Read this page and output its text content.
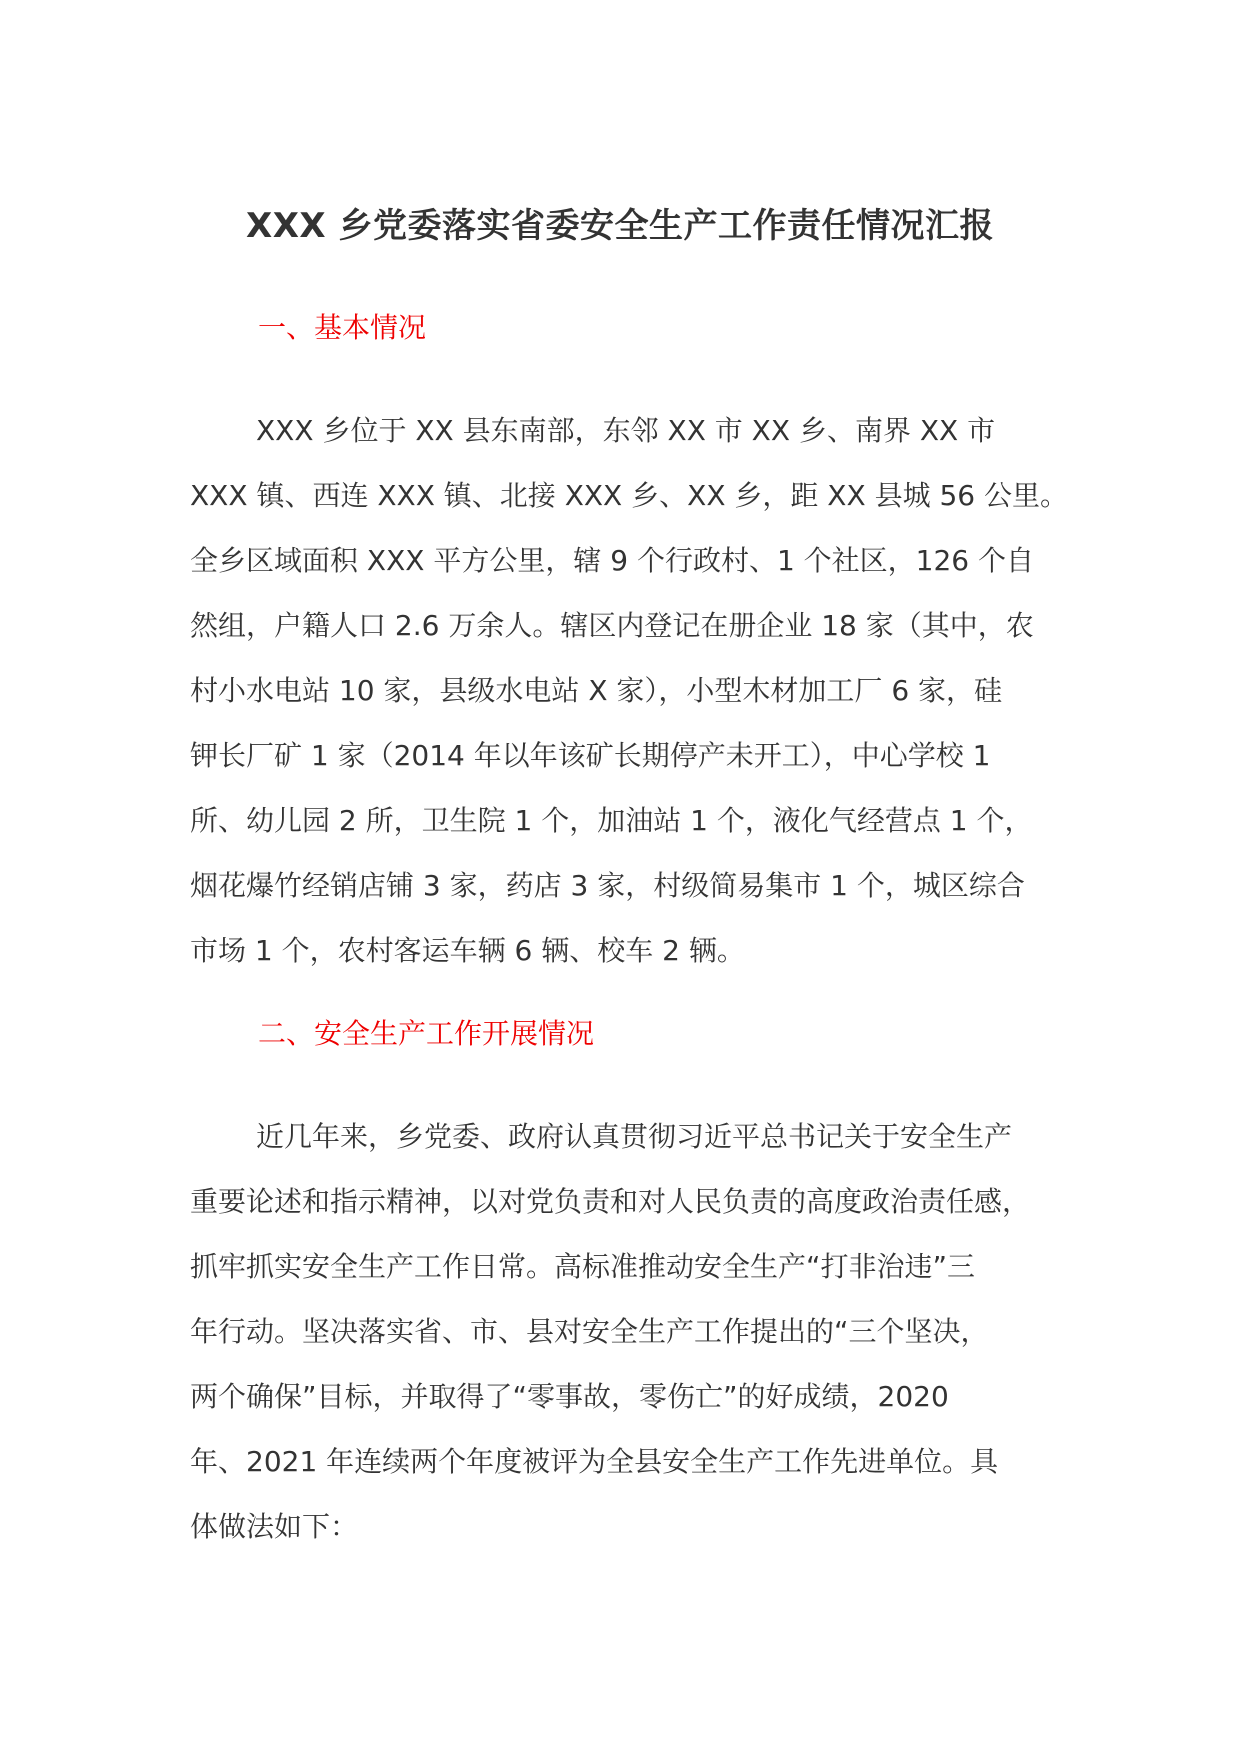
XXX 乡党委落实省委安全生产工作责任情况汇报
一、基本情况
XXX 乡位于 XX 县东南部，东邻 XX 市 XX 乡、南界 XX 市
XXX 镇、西连 XXX 镇、北接 XXX 乡、XX 乡，距 XX 县城 56 公里。
全乡区域面积 XXX 平方公里，辖 9 个行政村、1 个社区，126 个自
然组，户籍人口 2.6 万余人。辖区内登记在册企业 18 家（其中，农
村小水电站 10 家，县级水电站 X 家），小型木材加工厂 6 家，硅
钾长厂矿 1 家（2014 年以年该矿长期停产未开工），中心学校 1
所、幼儿园 2 所，卫生院 1 个，加油站 1 个，液化气经营点 1 个，
烟花爆竹经销店铺 3 家，药店 3 家，村级简易集市 1 个，城区综合
市场 1 个，农村客运车辆 6 辆、校车 2 辆。
二、安全生产工作开展情况
近几年来，乡党委、政府认真贯彻习近平总书记关于安全生产
重要论述和指示精神，以对党负责和对人民负责的高度政治责任感，
抓牢抓实安全生产工作日常。高标准推动安全生产“打非治违”三
年行动。坚决落实省、市、县对安全生产工作提出的“三个坚决，
两个确保”目标，并取得了“零事故，零伤亡”的好成绩，2020
年、2021 年连续两个年度被评为全县安全生产工作先进单位。具
体做法如下：
